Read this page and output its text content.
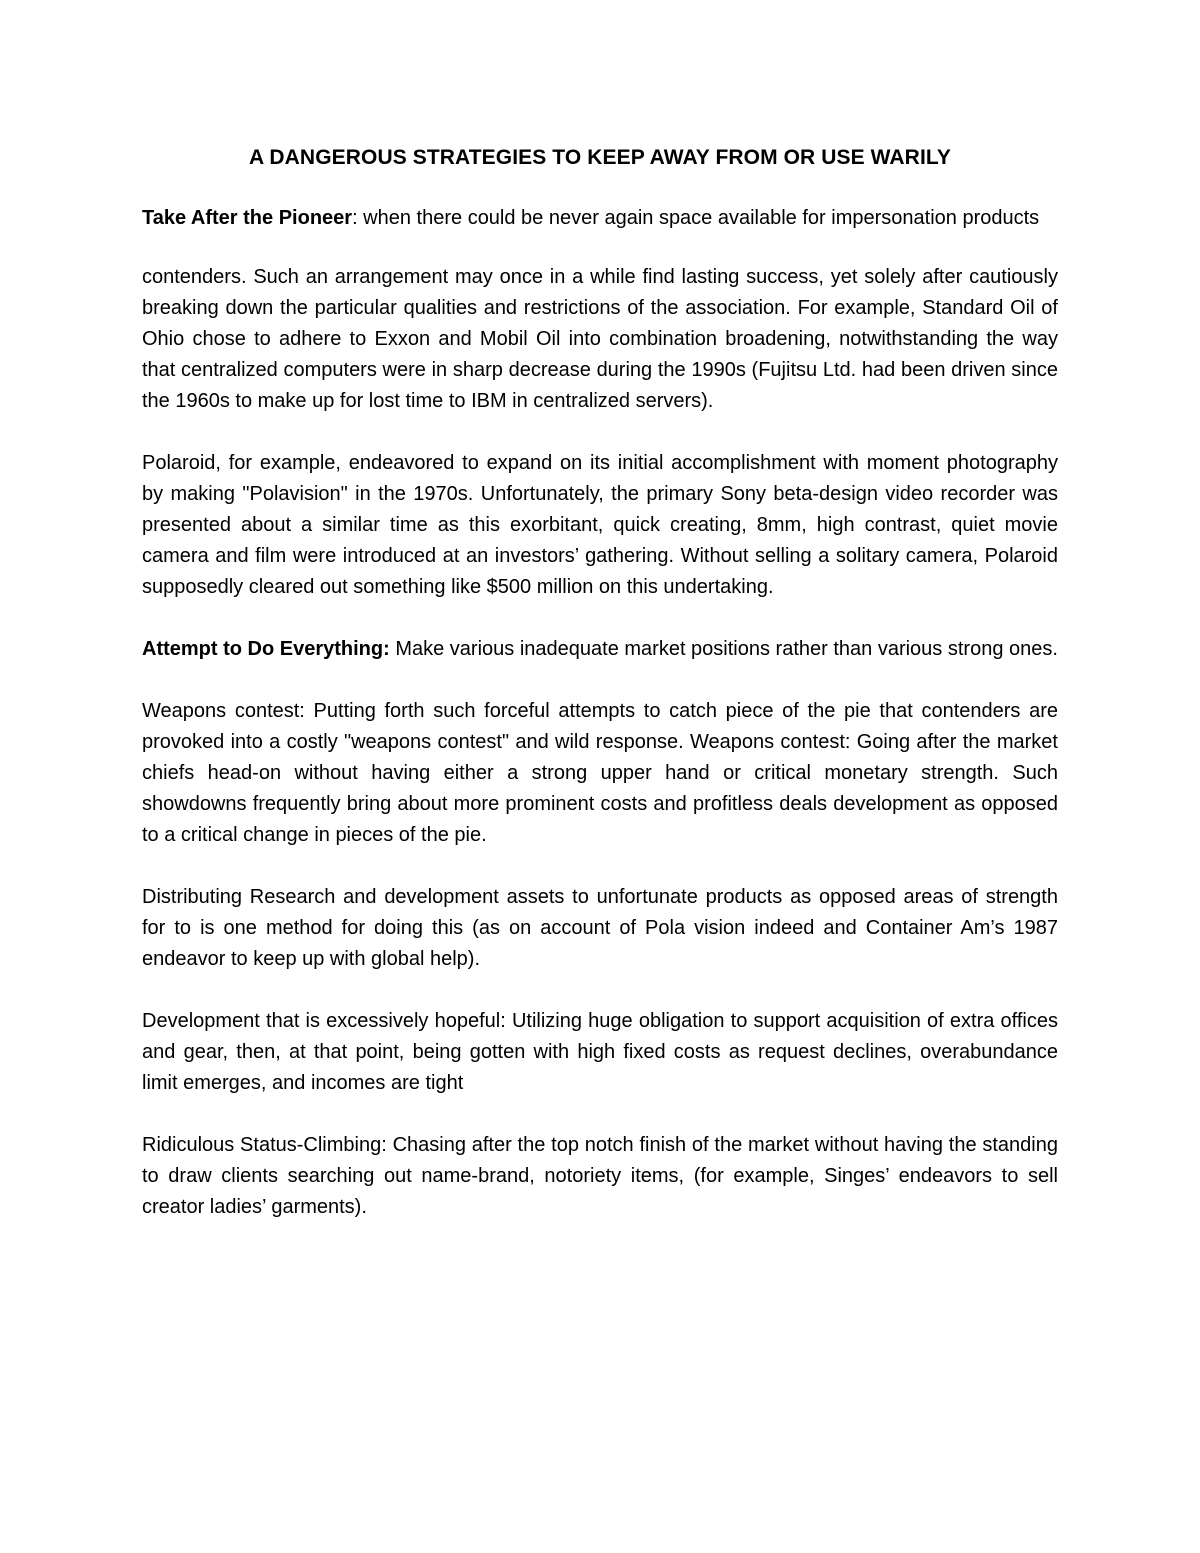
A DANGEROUS STRATEGIES TO KEEP AWAY FROM OR USE WARILY

Take After the Pioneer: when there could be never again space available for impersonation products

contenders. Such an arrangement may once in a while find lasting success, yet solely after cautiously breaking down the particular qualities and restrictions of the association. For example, Standard Oil of Ohio chose to adhere to Exxon and Mobil Oil into combination broadening, notwithstanding the way that centralized computers were in sharp decrease during the 1990s (Fujitsu Ltd. had been driven since the 1960s to make up for lost time to IBM in centralized servers).

Polaroid, for example, endeavored to expand on its initial accomplishment with moment photography by making "Polavision" in the 1970s. Unfortunately, the primary Sony beta-design video recorder was presented about a similar time as this exorbitant, quick creating, 8mm, high contrast, quiet movie camera and film were introduced at an investors’ gathering. Without selling a solitary camera, Polaroid supposedly cleared out something like $500 million on this undertaking.

Attempt to Do Everything: Make various inadequate market positions rather than various strong ones.

Weapons contest: Putting forth such forceful attempts to catch piece of the pie that contenders are provoked into a costly "weapons contest" and wild response. Weapons contest: Going after the market chiefs head-on without having either a strong upper hand or critical monetary strength. Such showdowns frequently bring about more prominent costs and profitless deals development as opposed to a critical change in pieces of the pie.

Distributing Research and development assets to unfortunate products as opposed areas of strength for to is one method for doing this (as on account of Pola vision indeed and Container Am’s 1987 endeavor to keep up with global help).

Development that is excessively hopeful: Utilizing huge obligation to support acquisition of extra offices and gear, then, at that point, being gotten with high fixed costs as request declines, overabundance limit emerges, and incomes are tight

Ridiculous Status-Climbing: Chasing after the top notch finish of the market without having the standing to draw clients searching out name-brand, notoriety items, (for example, Singes’ endeavors to sell creator ladies’ garments).
